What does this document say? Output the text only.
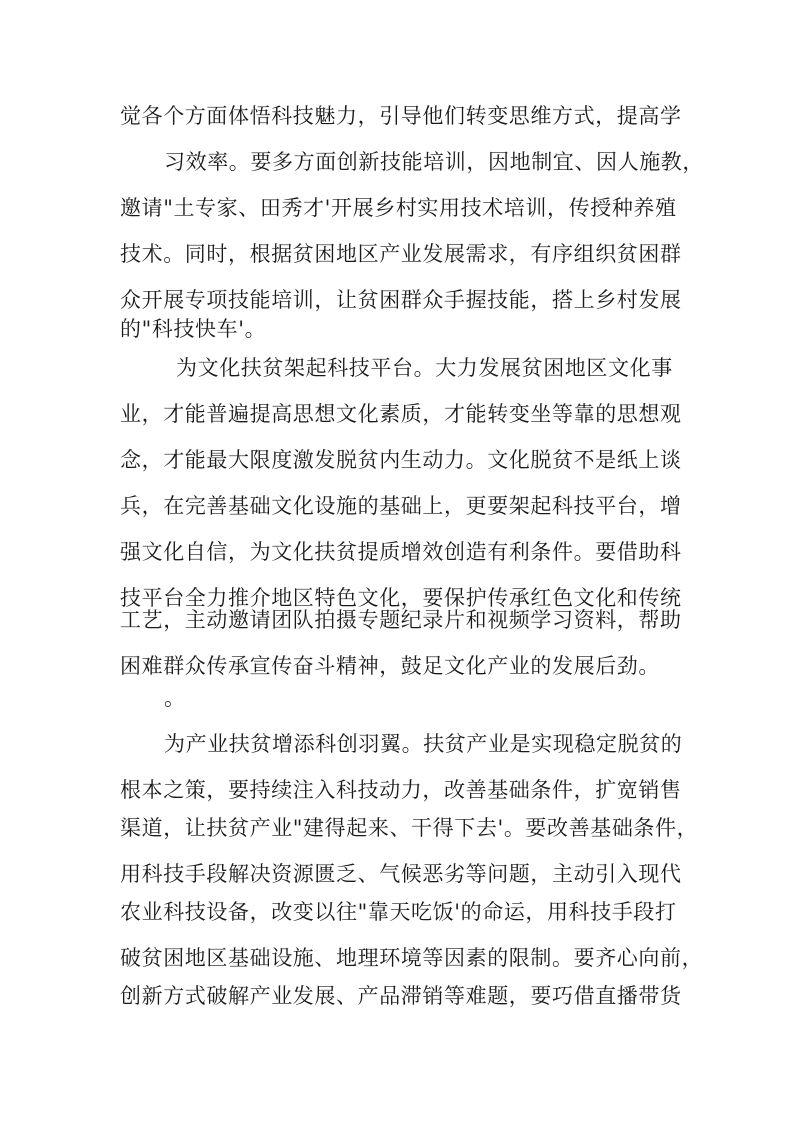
觉各个方面体悟科技魅力，引导他们转变思维方式，提高学
习效率。要多方面创新技能培训，因地制宜、因人施教，
邀请"土专家、田秀才'开展乡村实用技术培训，传授种养殖
技术。同时，根据贫困地区产业发展需求，有序组织贫困群
众开展专项技能培训，让贫困群众手握技能，搭上乡村发展
的"科技快车'。
为文化扶贫架起科技平台。大力发展贫困地区文化事
业，才能普遍提高思想文化素质，才能转变坐等靠的思想观
念，才能最大限度激发脱贫内生动力。文化脱贫不是纸上谈
兵，在完善基础文化设施的基础上，更要架起科技平台，增
强文化自信，为文化扶贫提质增效创造有利条件。要借助科
技平台全力推介地区特色文化，要保护传承红色文化和传统
工艺，主动邀请团队拍摄专题纪录片和视频学习资料，帮助
困难群众传承宣传奋斗精神，鼓足文化产业的发展后劲。
。
为产业扶贫增添科创羽翼。扶贫产业是实现稳定脱贫的
根本之策，要持续注入科技动力，改善基础条件，扩宽销售
渠道，让扶贫产业"建得起来、干得下去'。要改善基础条件，
用科技手段解决资源匮乏、气候恶劣等问题，主动引入现代
农业科技设备，改变以往"靠天吃饭'的命运，用科技手段打
破贫困地区基础设施、地理环境等因素的限制。要齐心向前，
创新方式破解产业发展、产品滞销等难题，要巧借直播带货
